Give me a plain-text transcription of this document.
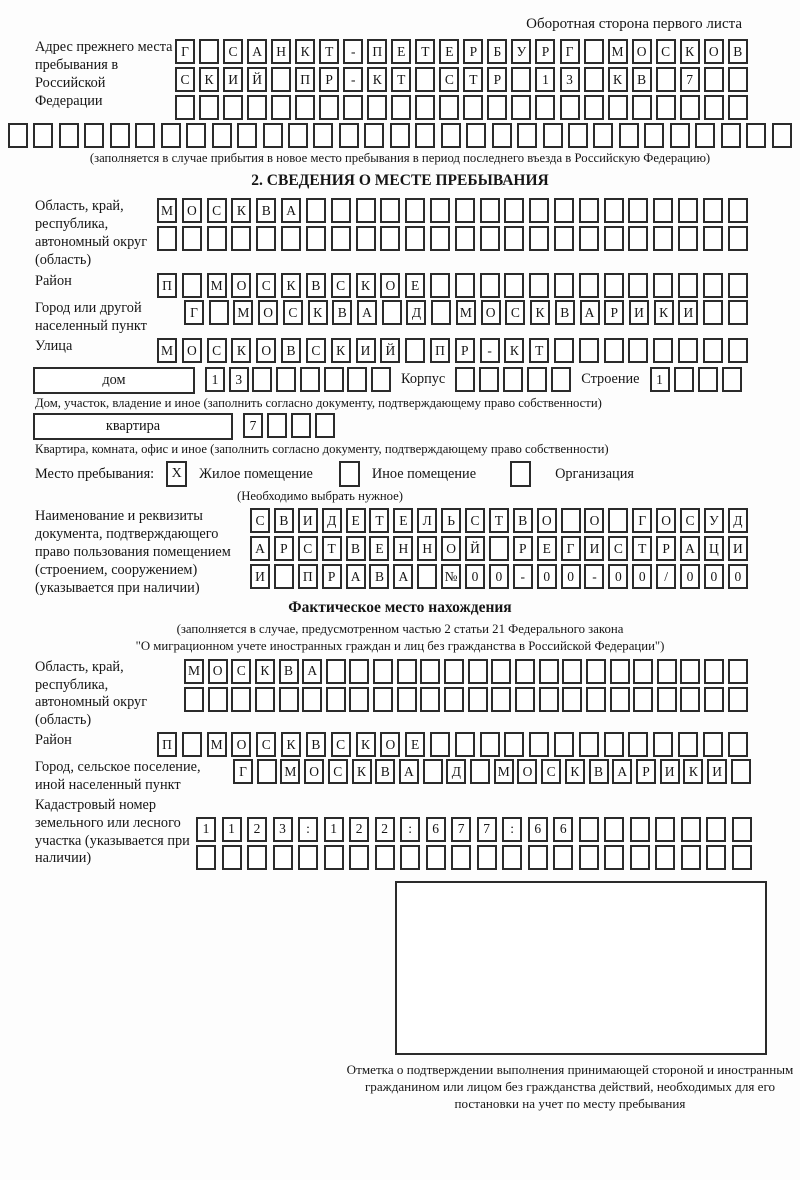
Оборотная сторона первого листа
Адрес прежнего места пребывания в Российской Федерации
Г	С	А	Н	К	Т	-	П	Е	Т	Е	Р	Б	У	Р	Г	М О	С	К	О	В
С	К	И	Й	П	Р	-	К	Т	С	Т	Р	1	3	К	В	7
(заполняется в случае прибытия в новое место пребывания в период последнего въезда в Российскую Федерацию)
2. СВЕДЕНИЯ О МЕСТЕ ПРЕБЫВАНИЯ
Область, край, республика, автономный округ (область)
М	О	С	К	В	А
Район	П	М	О	С	К	В	С	К	О	Е
Город или другой населенный пункт
Г	М	О	С	К	В	А	Д	М	О	С	К	В	А	Р	И	К	И
Улица	М	О	С	К	О	В	С	К	И	Й	П	Р	-	К	Т
дом	1	3	Корпус	Строение	1
Дом, участок, владение и иное (заполнить согласно документу, подтверждающему право собственности)
квартира	7
Квартира, комната, офис и иное (заполнить согласно документу, подтверждающему право собственности)
Место пребывания:	X	Жилое помещение	Иное помещение	Организация
(Необходимо выбрать нужное)
Наименование и реквизиты документа, подтверждающего право пользования помещением (строением, сооружением) (указывается при наличии)
С	В	И	Д	Е	Т	Е	Л	Ь	С	Т	В	О	О	Г	О	С	У	Д
А	Р	С	Т	В	Е	Н	Н	О	Й	Р	Е	Г	И	С	Т	Р	А	Ц	И
И	П	Р	А	В	А	№	0	0	-	0	0	-	0	0	/	0	0	0
Фактическое место нахождения
(заполняется в случае, предусмотренном частью 2 статьи 21 Федерального закона
"О миграционном учете иностранных граждан и лиц без гражданства в Российской Федерации")
Область, край, республика, автономный округ (область)
М О	С	К	В	А
Район	П	М	О	С	К	В	С	К	О	Е
Город, сельское поселение, иной населенный пункт
Г	М О	С	К	В	А	Д	М О	С	К	В	А	Р	И	К	И
Кадастровый номер земельного или лесного участка (указывается при наличии)
1	1	2	3	:	1	2	2	:	6	7	7	:	6	6
Отметка о подтверждении выполнения принимающей стороной и иностранным гражданином или лицом без гражданства действий, необходимых для его постановки на учет по месту пребывания
